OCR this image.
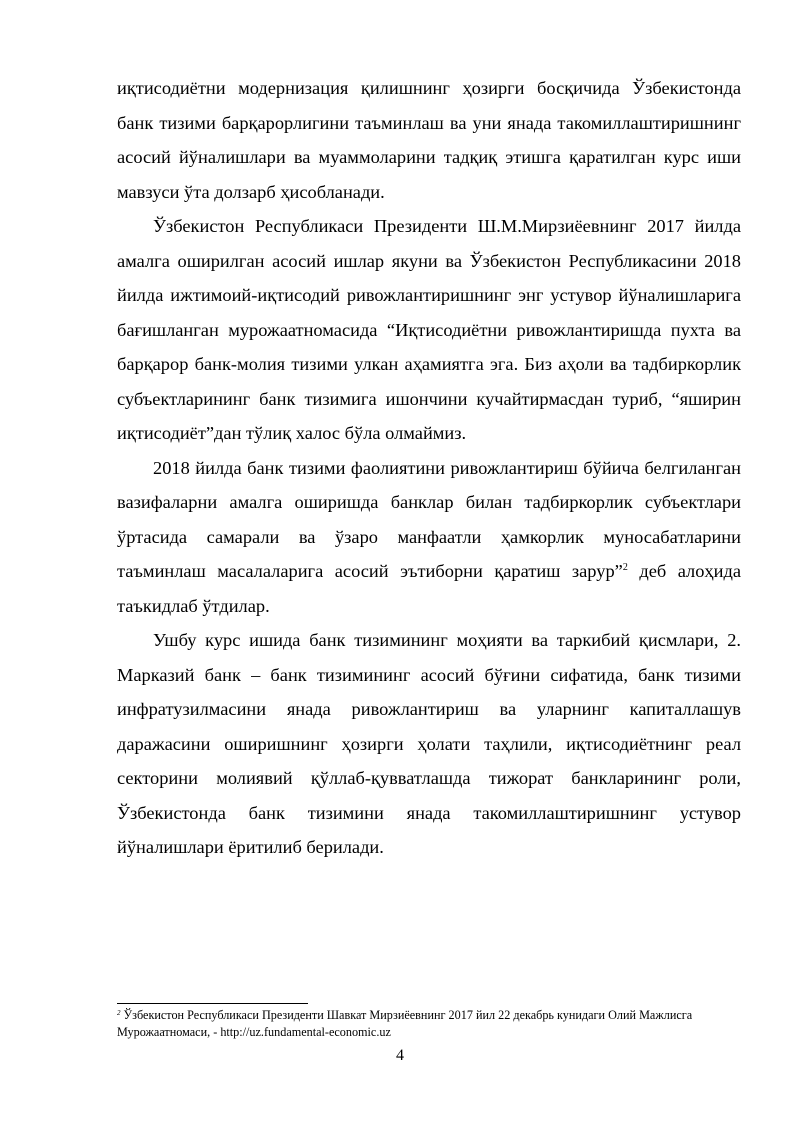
иқтисодиётни модернизация қилишнинг ҳозирги босқичида Ўзбекистонда банк тизими барқарорлигини таъминлаш ва уни янада такомиллаштиришнинг асосий йўналишлари ва муаммоларини тадқиқ этишга қаратилган курс иши мавзуси ўта долзарб ҳисобланади.

Ўзбекистон Республикаси Президенти Ш.М.Мирзиёевнинг 2017 йилда амалга оширилган асосий ишлар якуни ва Ўзбекистон Республикасини 2018 йилда ижтимоий-иқтисодий ривожлантиришнинг энг устувор йўналишларига бағишланган мурожаатномасида “Иқтисодиётни ривожлантиришда пухта ва барқарор банк-молия тизими улкан аҳамиятга эга. Биз аҳоли ва тадбиркорлик субъектларининг банк тизимига ишончини кучайтирмасдан туриб, “яширин иқтисодиёт”дан тўлиқ халос бўла олмаймиз.

2018 йилда банк тизими фаолиятини ривожлантириш бўйича белгиланган вазифаларни амалга оширишда банклар билан тадбиркорлик субъектлари ўртасида самарали ва ўзаро манфаатли ҳамкорлик муносабатларини таъминлаш масалаларига асосий эътиборни қаратиш зарур”$^2$ деб алоҳида таъкидлаб ўтдилар.

Ушбу курс ишида банк тизимининг моҳияти ва таркибий қисмлари, 2. Марказий банк – банк тизимининг асосий бўғини сифатида, банк тизими инфратузилмасини янада ривожлантириш ва уларнинг капиталлашув даражасини оширишнинг ҳозирги ҳолати таҳлили, иқтисодиётнинг реал секторини молиявий қўллаб-қувватлашда тижорат банкларининг роли, Ўзбекистонда банк тизимини янада такомиллаштиришнинг устувор йўналишлари ёритилиб берилади.

$^2$ Ўзбекистон Республикаси Президенти Шавкат Мирзиёевнинг 2017 йил 22 декабрь кунидаги Олий Мажлисга Мурожаатномаси, - http://uz.fundamental-economic.uz
4
